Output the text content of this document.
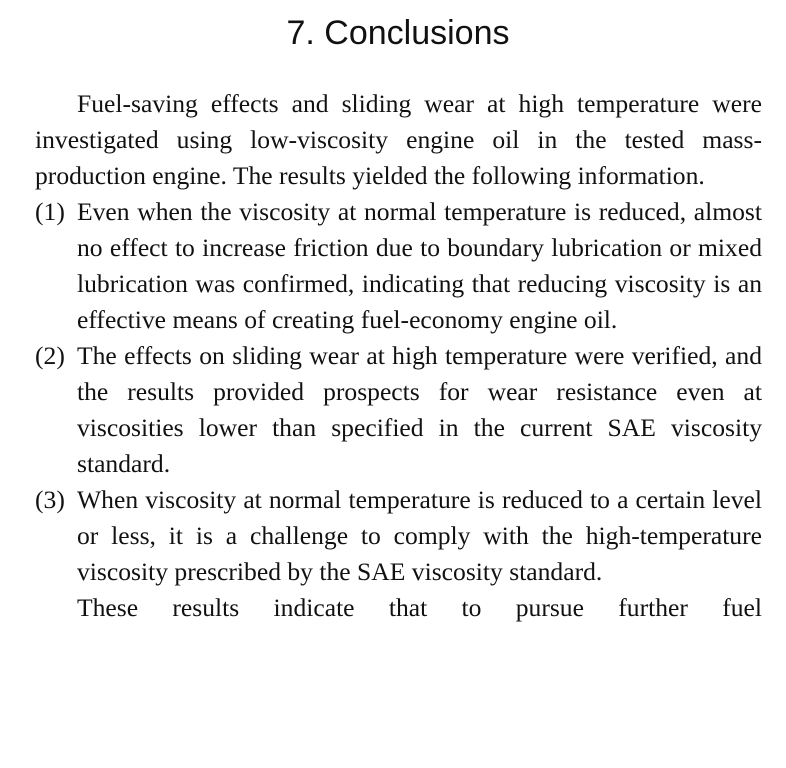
7. Conclusions

Fuel-saving effects and sliding wear at high temperature were investigated using low-viscosity engine oil in the tested mass-production engine. The results yielded the following information.

(1) Even when the viscosity at normal temperature is reduced, almost no effect to increase friction due to boundary lubrication or mixed lubrication was confirmed, indicating that reducing viscosity is an effective means of creating fuel-economy engine oil.

(2) The effects on sliding wear at high temperature were verified, and the results provided prospects for wear resistance even at viscosities lower than specified in the current SAE viscosity standard.

(3) When viscosity at normal temperature is reduced to a certain level or less, it is a challenge to comply with the high-temperature viscosity prescribed by the SAE viscosity standard.

These results indicate that to pursue further fuel
